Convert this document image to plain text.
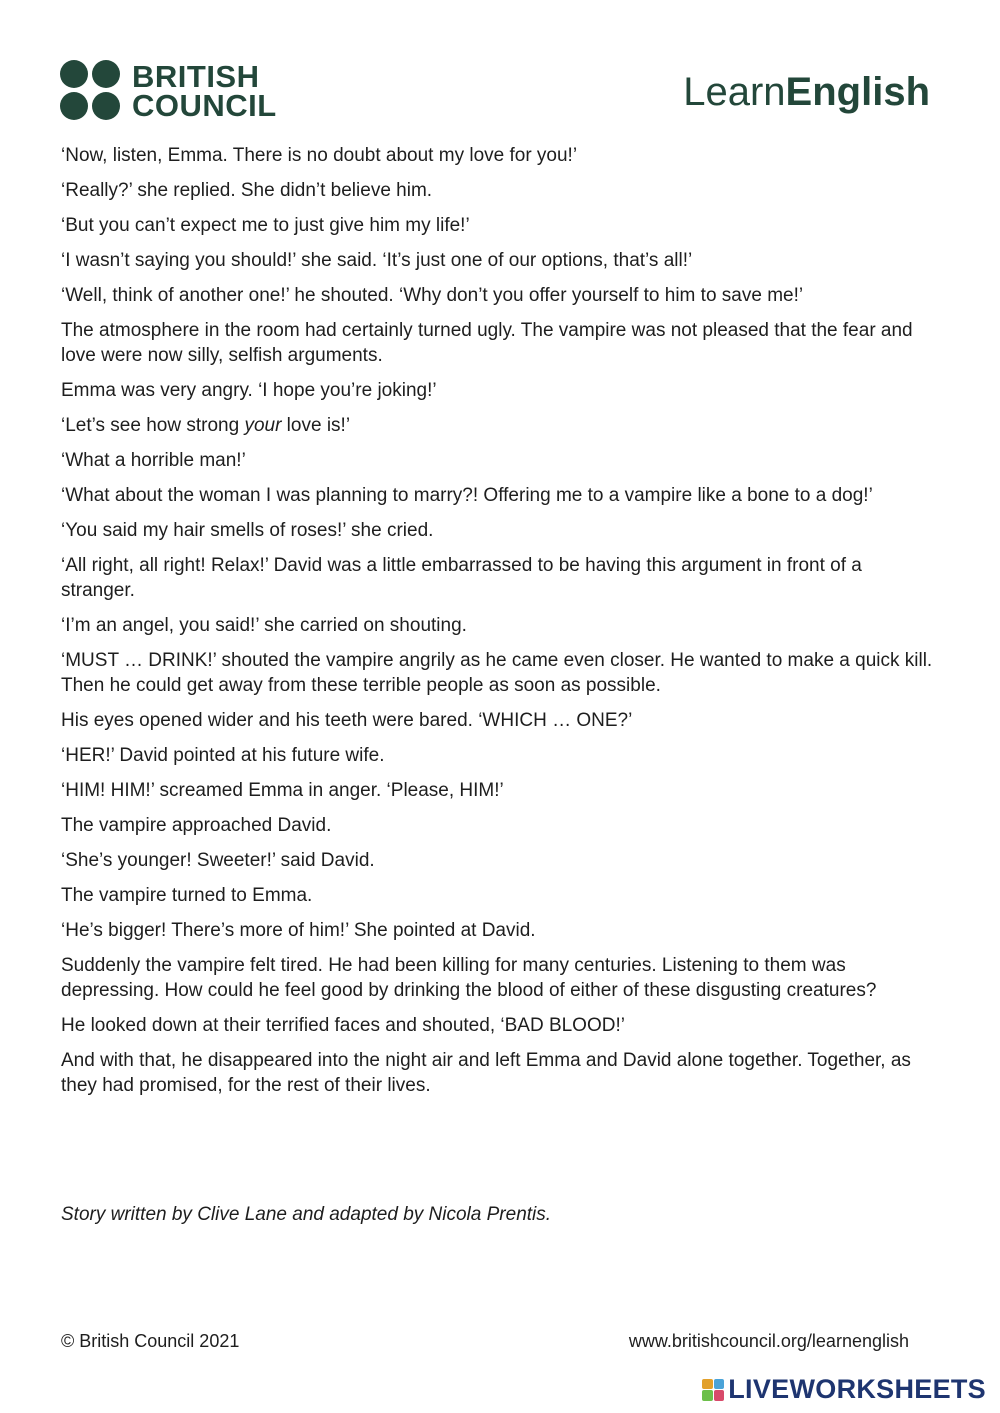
BRITISH
COUNCIL	LearnEnglish

‘Now, listen, Emma. There is no doubt about my love for you!’

‘Really?’ she replied. She didn’t believe him.

‘But you can’t expect me to just give him my life!’

‘I wasn’t saying you should!’ she said. ‘It’s just one of our options, that’s all!’

‘Well, think of another one!’ he shouted. ‘Why don’t you offer yourself to him to save me!’

The atmosphere in the room had certainly turned ugly. The vampire was not pleased that the fear and love were now silly, selfish arguments.

Emma was very angry. ‘I hope you’re joking!’

‘Let’s see how strong your love is!’

‘What a horrible man!’

‘What about the woman I was planning to marry?! Offering me to a vampire like a bone to a dog!’

‘You said my hair smells of roses!’ she cried.

‘All right, all right! Relax!’ David was a little embarrassed to be having this argument in front of a stranger.

‘I’m an angel, you said!’ she carried on shouting.

‘MUST … DRINK!’ shouted the vampire angrily as he came even closer. He wanted to make a quick kill. Then he could get away from these terrible people as soon as possible.

His eyes opened wider and his teeth were bared. ‘WHICH … ONE?’

‘HER!’ David pointed at his future wife.

‘HIM! HIM!’ screamed Emma in anger. ‘Please, HIM!’

The vampire approached David.

‘She’s younger! Sweeter!’ said David.

The vampire turned to Emma.

‘He’s bigger! There’s more of him!’ She pointed at David.

Suddenly the vampire felt tired. He had been killing for many centuries. Listening to them was depressing. How could he feel good by drinking the blood of either of these disgusting creatures?

He looked down at their terrified faces and shouted, ‘BAD BLOOD!’

And with that, he disappeared into the night air and left Emma and David alone together. Together, as they had promised, for the rest of their lives.

Story written by Clive Lane and adapted by Nicola Prentis.
© British Council 2021	www.britishcouncil.org/learnenglish
LIVEWORKSHEETS
